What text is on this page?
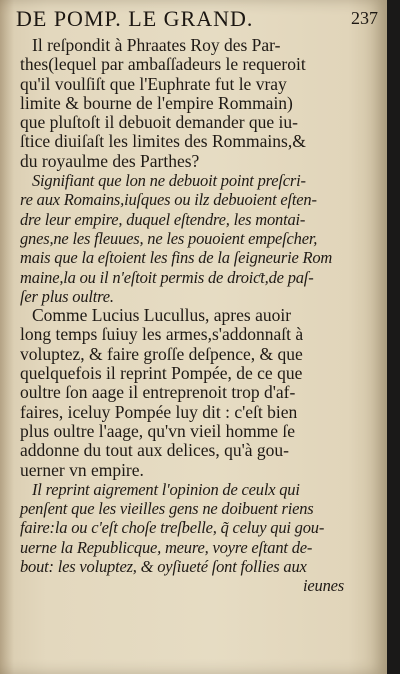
DE POMP. LE GRAND.	237
Il reſpondit à Phraates Roy des Par-
thes(lequel par ambaſſadeurs le requeroit
qu'il voulſiſt que l'Euphrate fut le vray
limite & bourne de l'empire Rommain)
que pluſtoſt il debuoit demander que iu-
ſtice diuiſaſt les limites des Rommains,&
du royaulme des Parthes?
Signifiant que lon ne debuoit point preſcri-
re aux Romains,iuſques ou ilz debuoient eſten-
dre leur empire, duquel eſtendre, les montai-
gnes,ne les fleuues, ne les pouoient empeſcher,
mais que la eſtoient les fins de la ſeigneurie Rom
maine,la ou il n'eſtoit permis de droiƈt,de paſ-
ſer plus oultre.
Comme Lucius Lucullus, apres auoir
long temps ſuiuy les armes,s'addonnaſt à
voluptez, & faire groſſe deſpence, & que
quelquefois il reprint Pompée, de ce que
oultre ſon aage il entreprenoit trop d'af-
faires, iceluy Pompée luy dit : c'eſt bien
plus oultre l'aage, qu'vn vieil homme ſe
addonne du tout aux delices, qu'à gou-
uerner vn empire.
Il reprint aigrement l'opinion de ceulx qui
penſent que les vieilles gens ne doibuent riens
faire:la ou c'eſt choſe treſbelle, q̃ celuy qui gou-
uerne la Republicque, meure, voyre eſtant de-
bout: les voluptez, & oyſiueté ſont follies aux
ieunes
